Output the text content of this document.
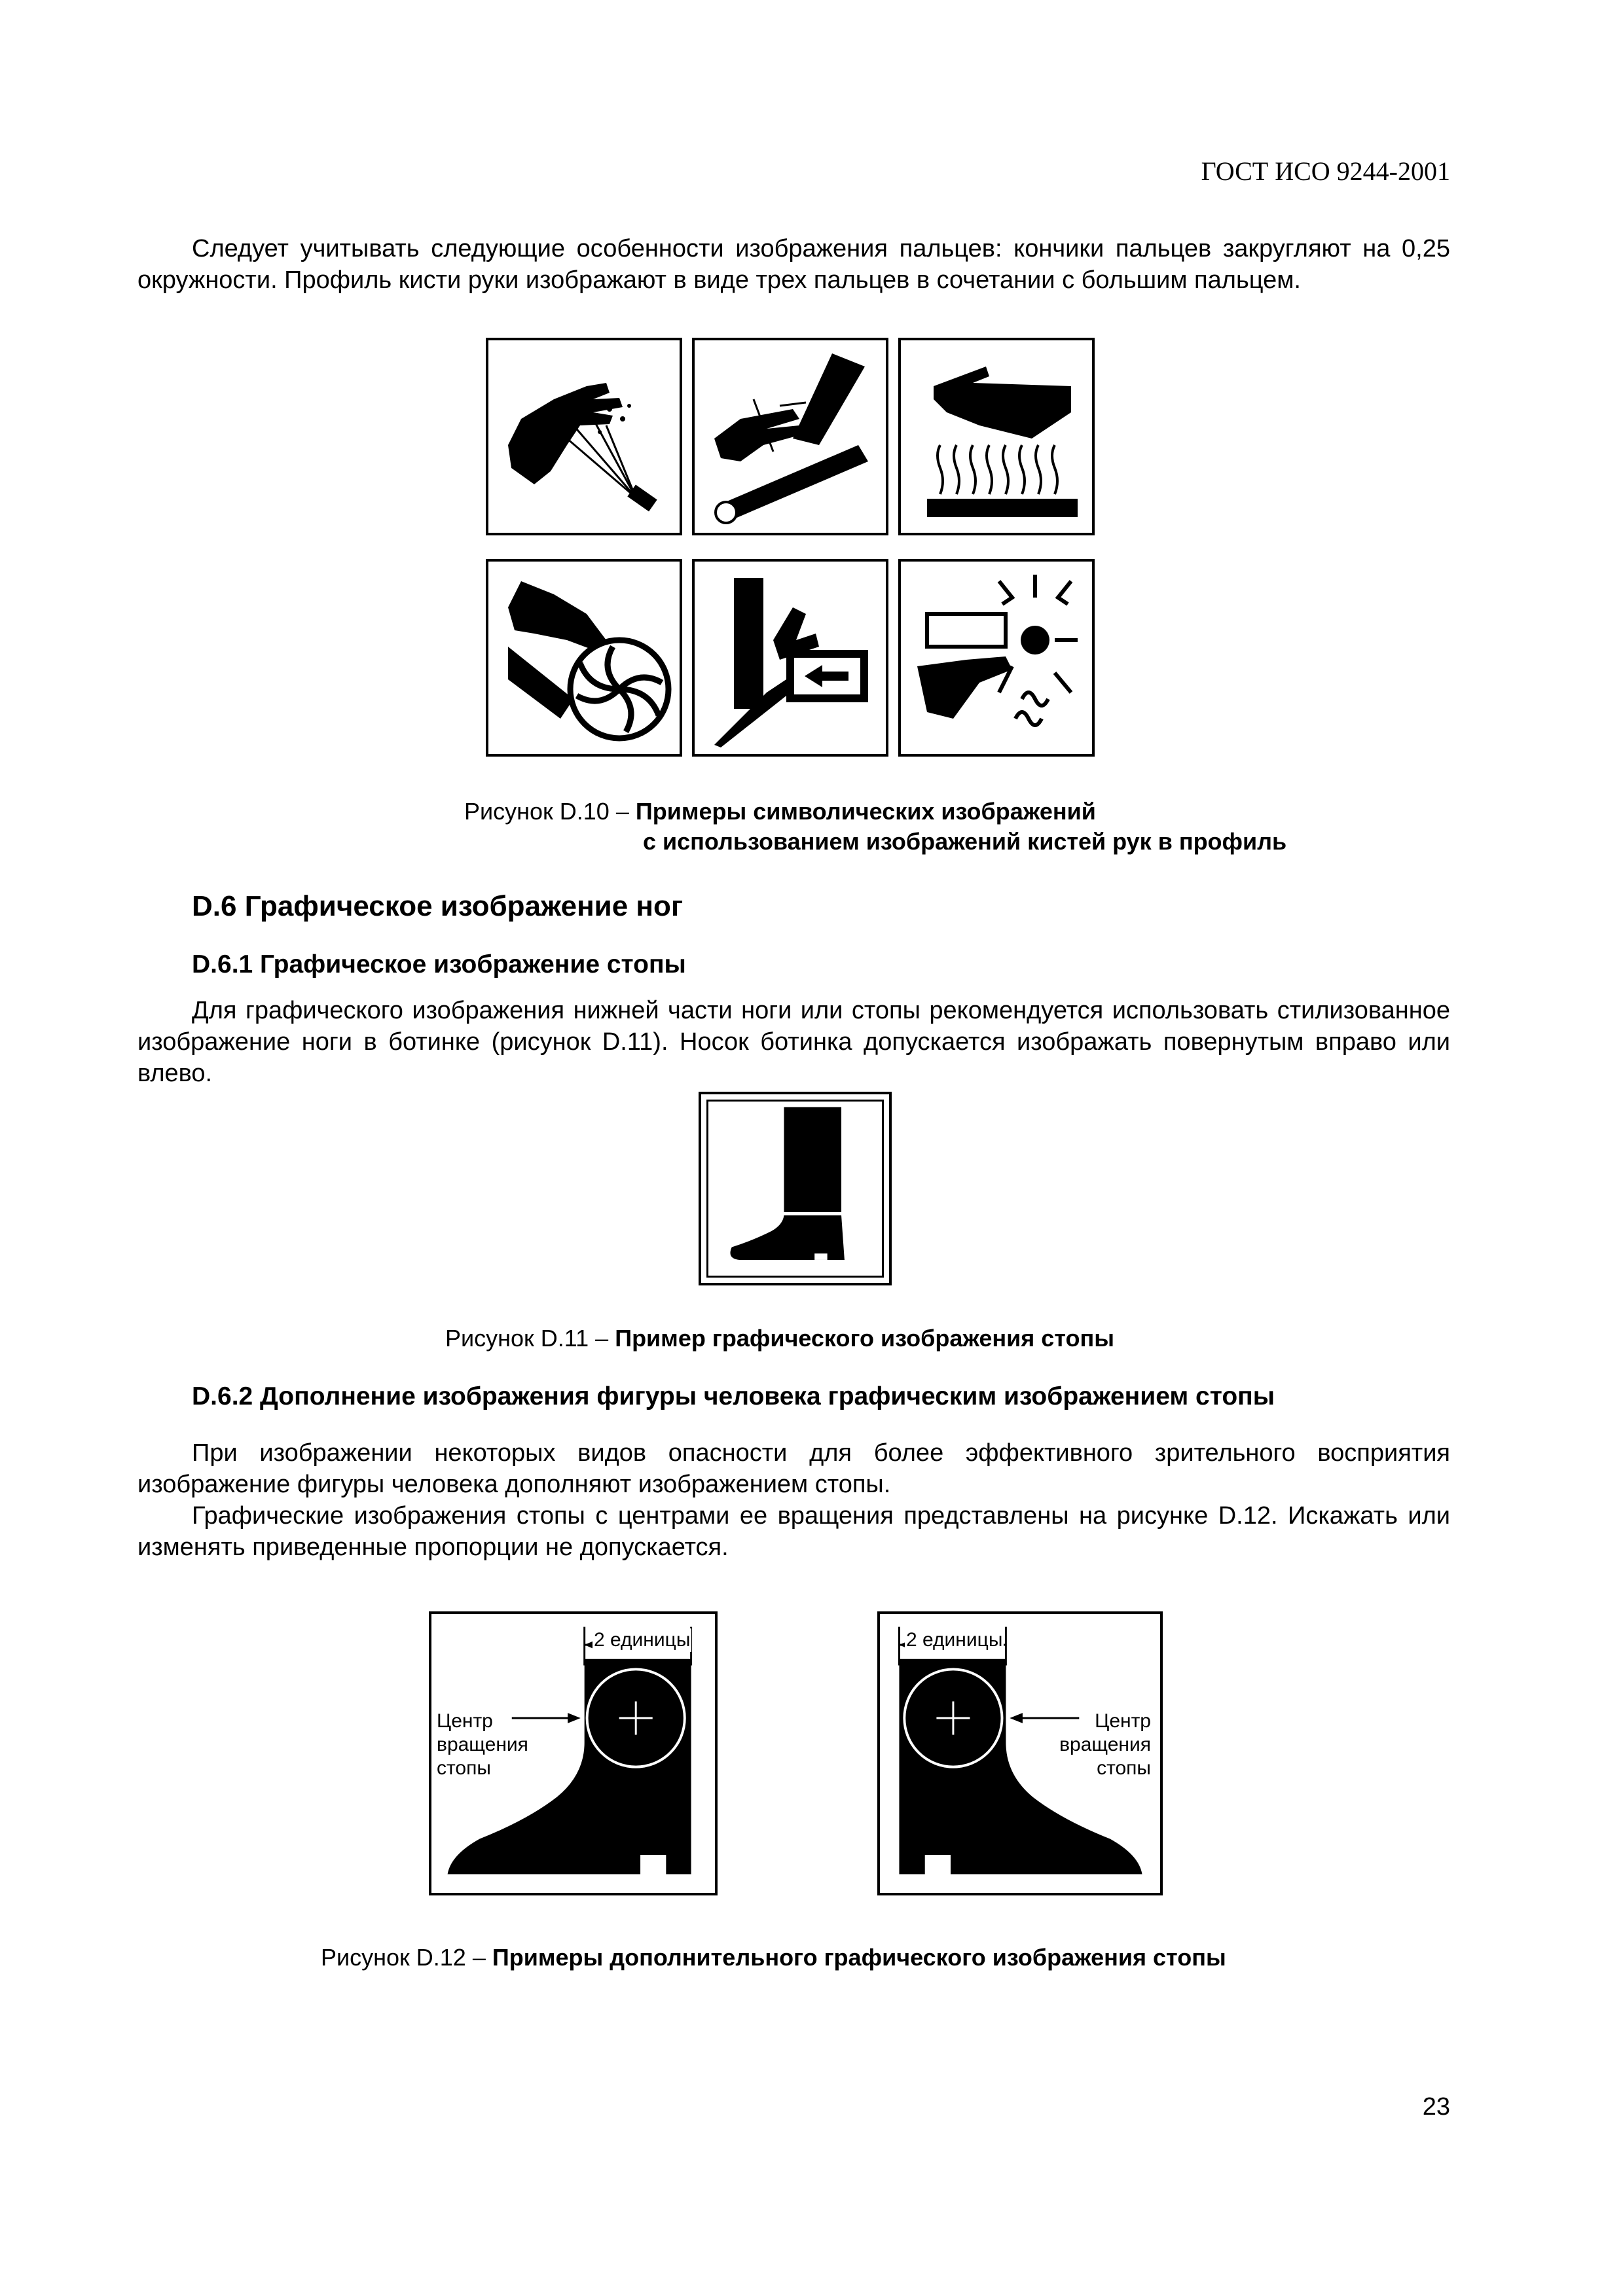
ГОСТ ИСО 9244-2001
Следует учитывать следующие особенности изображения пальцев: кончики пальцев закругляют на 0,25 окружности. Профиль кисти руки изображают в виде трех пальцев в сочетании с большим пальцем.
Рисунок D.10 – Примеры символических изображений
с использованием изображений кистей рук в профиль
D.6 Графическое изображение ног
D.6.1 Графическое изображение стопы
Для графического изображения нижней части ноги или стопы рекомендуется использовать стилизованное изображение ноги в ботинке (рисунок D.11). Носок ботинка допускается изображать повернутым вправо или влево.
Рисунок D.11 – Пример графического изображения стопы
D.6.2 Дополнение изображения фигуры человека графическим изображением стопы
При изображении некоторых видов опасности для более эффективного зрительного восприятия изображение фигуры человека дополняют изображением стопы.
Графические изображения стопы с центрами ее вращения представлены на рисунке D.12. Искажать или изменять приведенные пропорции не допускается.
2 единицы
Центр
вращения
стопы
2 единицы
Центр
вращения
стопы
Рисунок D.12 – Примеры дополнительного графического изображения стопы
23
